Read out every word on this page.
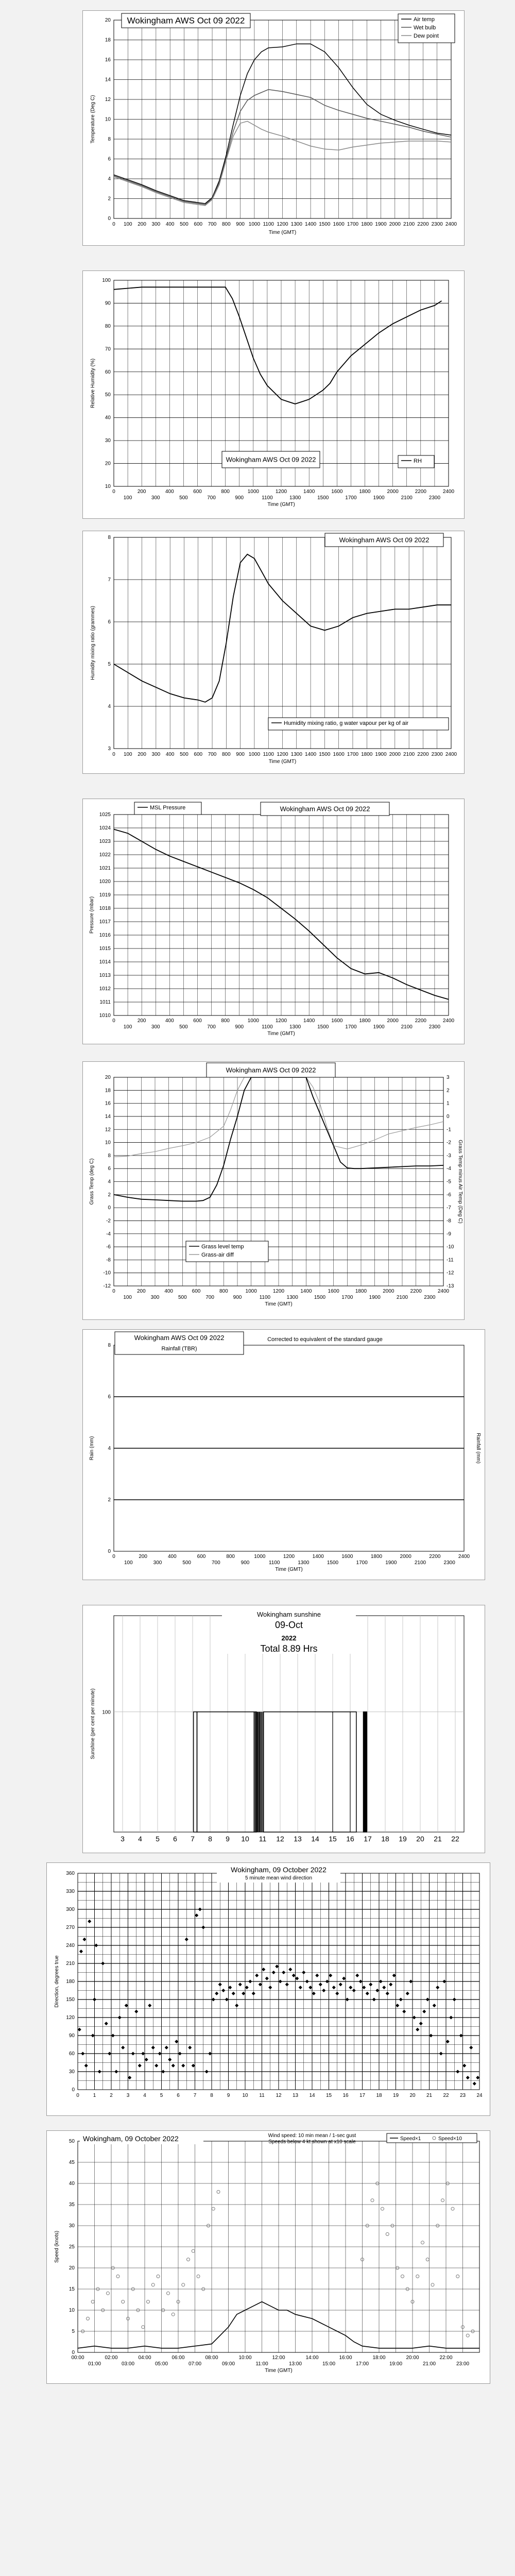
0
2
4
6
8
10
12
14
16
18
20
0 100 200 300 400 500 600 700 800 900 1000 1100 1200 1300 1400 1500 1600 1700 1800 1900 2000 2100 2200 2300 2400
Temperature (Deg C)
Time (GMT)
Wokingham AWS Oct 09 2022	Air temp
Wet bulb
Dew point
10
20
30
40
50
60
70
80
90
100
0	200	400	600	800	1000	1200	1400	1600	1800	2000	2200	2400
100	300	500	700	900	1100	1300	1500	1700	1900	2100	2300
Relative Humidity (%)
Time (GMT)
Wokingham AWS Oct 09 2022	RH
3
4
5
6
7
8
0 100 200 300 400 500 600 700 800 900 1000 1100 1200 1300 1400 1500 1600 1700 1800 1900 2000 2100 2200 2300 2400
Humidity mixing ratio (grammes)
Time (GMT)
Wokingham AWS Oct 09 2022
Humidity mixing ratio, g water vapour per kg of air
1010
1011
1012
1013
1014
1015
1016
1017
1018
1019
1020
1021
1022
1023
1024
1025
0	200	400	600	800	1000	1200	1400	1600	1800	2000	2200	2400
100	300	500	700	900	1100	1300	1500	1700	1900	2100	2300
Pressure (mbar)
Time (GMT)
MSL Pressure	Wokingham AWS Oct 09 2022
-12
-10
-8
-6
-4
-2
0
2
4
6
8
10
12
14
16
18
20
-13
-12
-11
-10
-9
-8
-7
-6
-5
-4
-3
-2
-1
0
1
2
3
0	200	400	600	800	1000	1200	1400	1600	1800	2000	2200	2400
100	300	500	700	900	1100	1300	1500	1700	1900	2100	2300
Grass Temp (deg C)	Grass Temp minus Air Temp (Deg C)
Time (GMT)
Wokingham AWS Oct 09 2022
Grass level temp
Grass-air diff
0
2
4
6
8
0	200	400	600	800	1000	1200	1400	1600	1800	2000	2200	2400
100	300	500	700	900	1100	1300	1500	1700	1900	2100	2300
Rain (mm)	Rainfall (mm)
Time (GMT)
Wokingham AWS Oct 09 2022
Rainfall (TBR)
Corrected to equivalent of the standard gauge
3 4 5 6 7 8 9 10 11 12 13 14 15 16 17 18 19 20 21 22
100
Sunshine (per cent per minute)
Wokingham sunshine
09-Oct
2022
Total 8.89 Hrs
0
30
60
90
120
150
180
210
240
270
300
330
360
0	1	2	3	4	5	6	7	8	9 10 11 12 13 14 15 16 17 18 19 20 21 22 23 24
Direction, degrees true
Wokingham, 09 October 2022
5 minute mean wind direction
0
5
10
15
20
25
30
35
40
45
50
00:00	02:00	04:00	06:00	08:00	10:00	12:00	14:00	16:00	18:00	20:00	22:00
01:00	03:00	05:00	07:00	09:00	11:00	13:00	15:00	17:00	19:00	21:00	23:00
Speed (knots)
Time (GMT)
Wokingham, 09 October 2022	Wind speed: 10 min mean / 1-sec gust
Speeds below 4 kt shown at x10 scale
Speed×1	Speed×10
